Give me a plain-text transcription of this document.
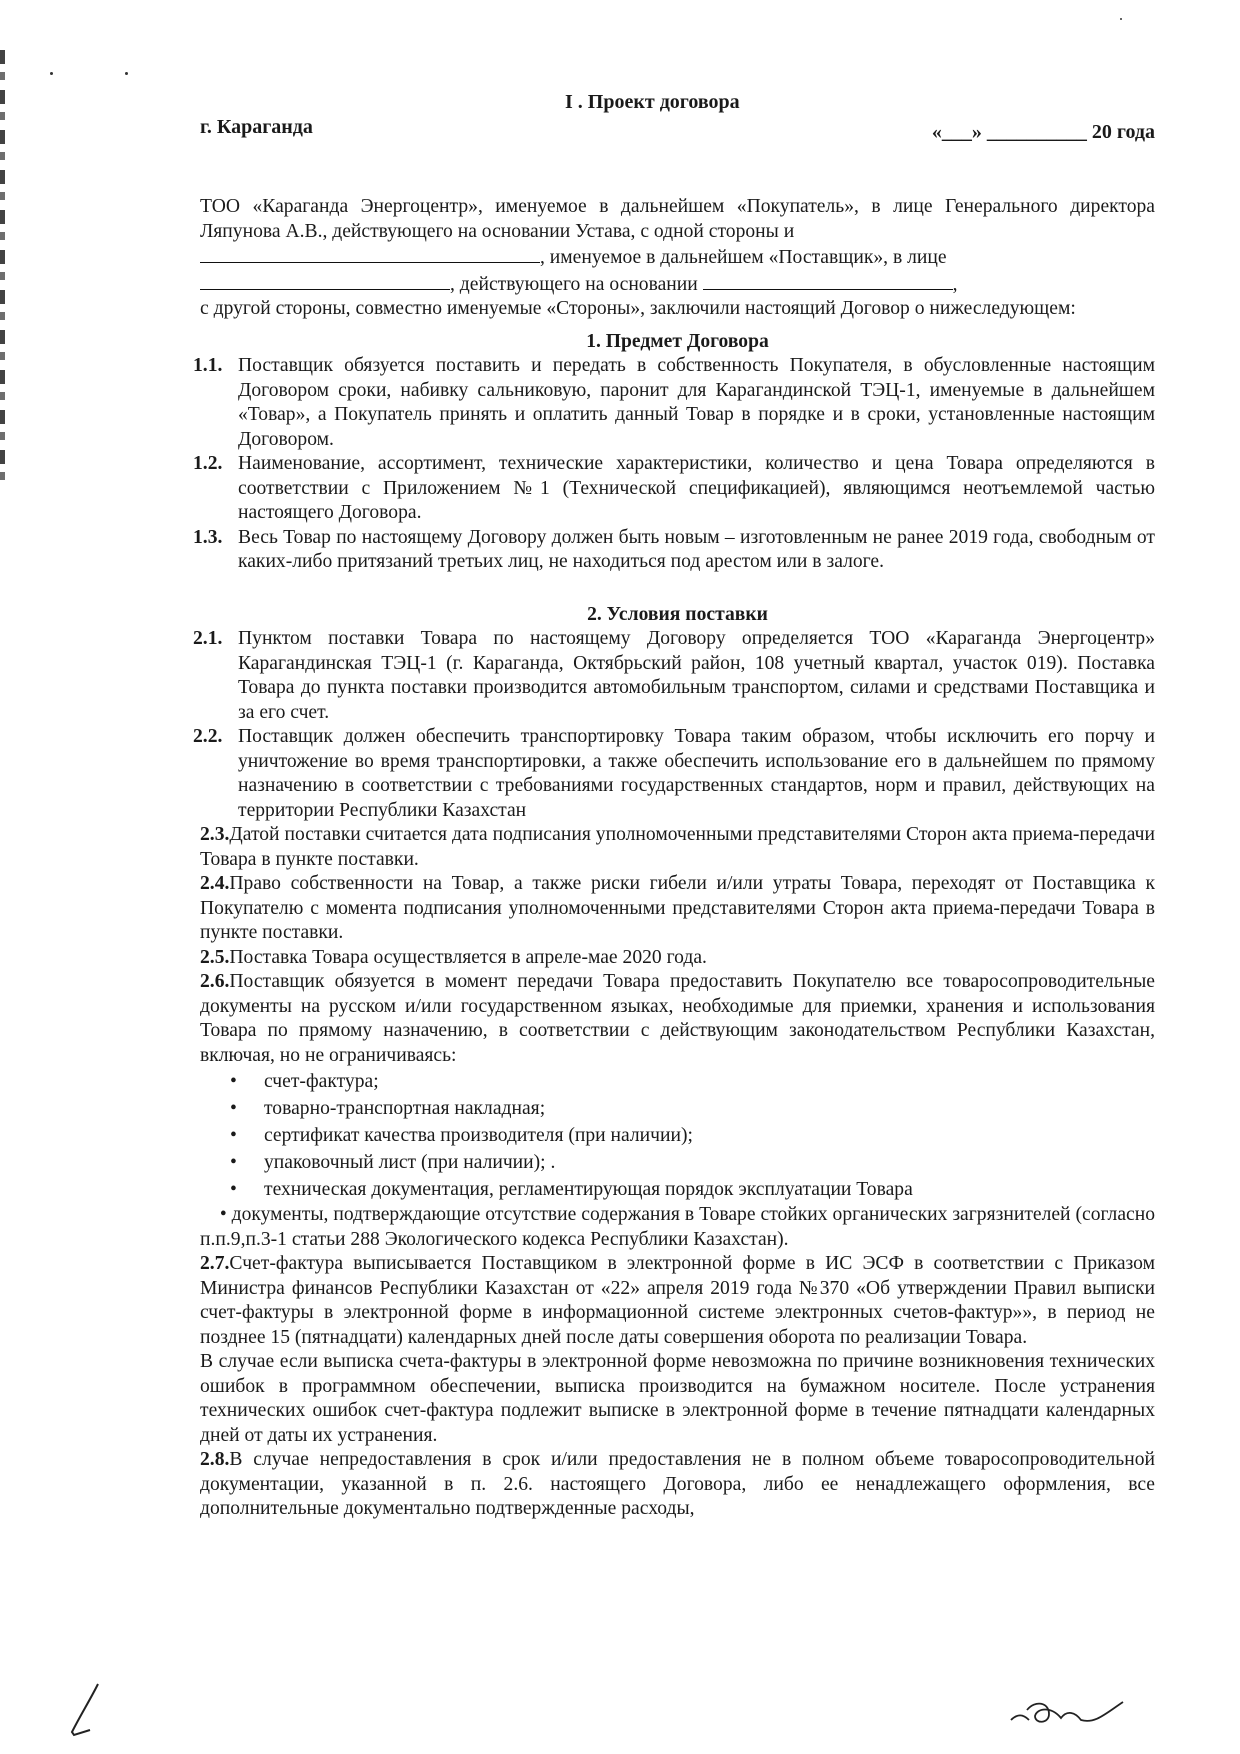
I . Проект договора
г. Караганда	«___» __________ 20 года

ТОО «Караганда Энергоцентр», именуемое в дальнейшем «Покупатель», в лице Генерального директора Ляпунова А.В., действующего на основании Устава, с одной стороны и

, именуемое в дальнейшем «Поставщик», в лице

, действующего на основании	,

с другой стороны, совместно именуемые «Стороны», заключили настоящий Договор о нижеследующем:

1. Предмет Договора

1.1. Поставщик обязуется поставить и передать в собственность Покупателя, в обусловленные настоящим Договором сроки, набивку сальниковую, паронит для Карагандинской ТЭЦ-1, именуемые в дальнейшем «Товар», а Покупатель принять и оплатить данный Товар в порядке и в сроки, установленные настоящим Договором.

1.2. Наименование, ассортимент, технические характеристики, количество и цена Товара определяются в соответствии с Приложением №1 (Технической спецификацией), являющимся неотъемлемой частью настоящего Договора.

1.3. Весь Товар по настоящему Договору должен быть новым – изготовленным не ранее 2019 года, свободным от каких-либо притязаний третьих лиц, не находиться под арестом или в залоге.

2. Условия поставки

2.1. Пунктом поставки Товара по настоящему Договору определяется ТОО «Караганда Энергоцентр» Карагандинская ТЭЦ-1 (г. Караганда, Октябрьский район, 108 учетный квартал, участок 019). Поставка Товара до пункта поставки производится автомобильным транспортом, силами и средствами Поставщика и за его счет.

2.2. Поставщик должен обеспечить транспортировку Товара таким образом, чтобы исключить его порчу и уничтожение во время транспортировки, а также обеспечить использование его в дальнейшем по прямому назначению в соответствии с требованиями государственных стандартов, норм и правил, действующих на территории Республики Казахстан

2.3.Датой поставки считается дата подписания уполномоченными представителями Сторон акта приема-передачи Товара в пункте поставки.

2.4.Право собственности на Товар, а также риски гибели и/или утраты Товара, переходят от Поставщика к Покупателю с момента подписания уполномоченными представителями Сторон акта приема-передачи Товара в пункте поставки.

2.5.Поставка Товара осуществляется в апреле-мае 2020 года.

2.6.Поставщик обязуется в момент передачи Товара предоставить Покупателю все товаросопроводительные документы на русском и/или государственном языках, необходимые для приемки, хранения и использования Товара по прямому назначению, в соответствии с действующим законодательством Республики Казахстан, включая, но не ограничиваясь:

• счет-фактура;
• товарно-транспортная накладная;
• сертификат качества производителя (при наличии);
• упаковочный лист (при наличии); .
• техническая документация, регламентирующая порядок эксплуатации Товара

• документы, подтверждающие отсутствие содержания в Товаре стойких органических загрязнителей (согласно п.п.9,п.3-1 статьи 288 Экологического кодекса Республики Казахстан).

2.7.Счет-фактура выписывается Поставщиком в электронной форме в ИС ЭСФ в соответствии с Приказом Министра финансов Республики Казахстан от «22» апреля 2019 года №370 «Об утверждении Правил выписки счет-фактуры в электронной форме в информационной системе электронных счетов-фактур»», в период не позднее 15 (пятнадцати) календарных дней после даты совершения оборота по реализации Товара.

В случае если выписка счета-фактуры в электронной форме невозможна по причине возникновения технических ошибок в программном обеспечении, выписка производится на бумажном носителе. После устранения технических ошибок счет-фактура подлежит выписке в электронной форме в течение пятнадцати календарных дней от даты их устранения.

2.8.В случае непредоставления в срок и/или предоставления не в полном объеме товаросопроводительной документации, указанной в п. 2.6. настоящего Договора, либо ее ненадлежащего оформления, все дополнительные документально подтвержденные расходы,
